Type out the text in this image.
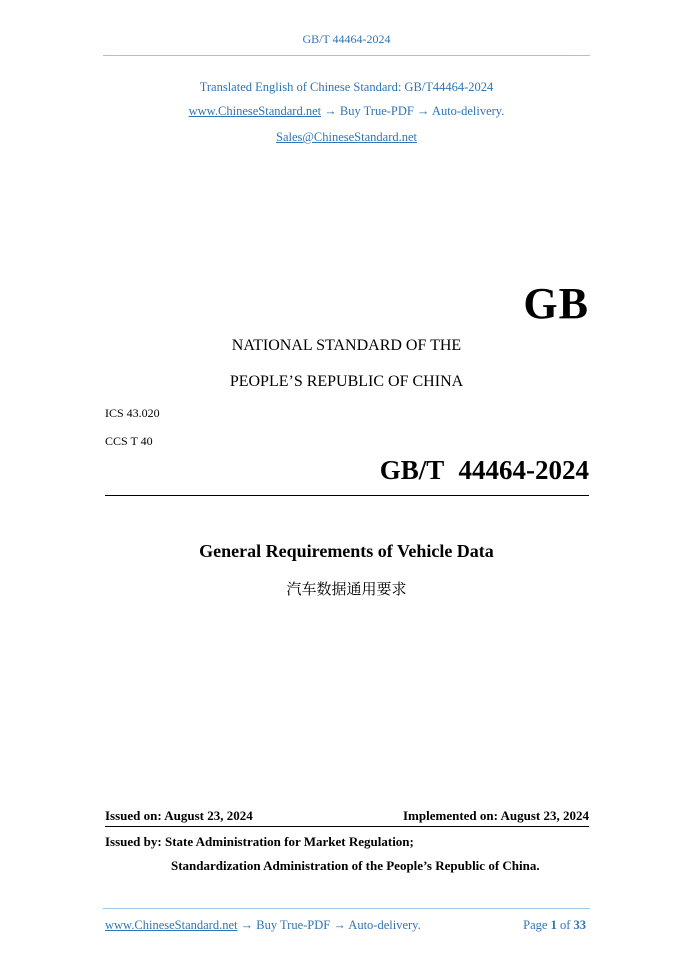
GB/T 44464-2024
Translated English of Chinese Standard: GB/T44464-2024
www.ChineseStandard.net → Buy True-PDF → Auto-delivery.
Sales@ChineseStandard.net
GB
NATIONAL STANDARD OF THE
PEOPLE’S REPUBLIC OF CHINA
ICS 43.020
CCS T 40
GB/T 44464-2024
General Requirements of Vehicle Data
汽车数据通用要求
Issued on: August 23, 2024	Implemented on: August 23, 2024
Issued by: State Administration for Market Regulation;
Standardization Administration of the People’s Republic of China.
www.ChineseStandard.net → Buy True-PDF → Auto-delivery.	Page 1 of 33
